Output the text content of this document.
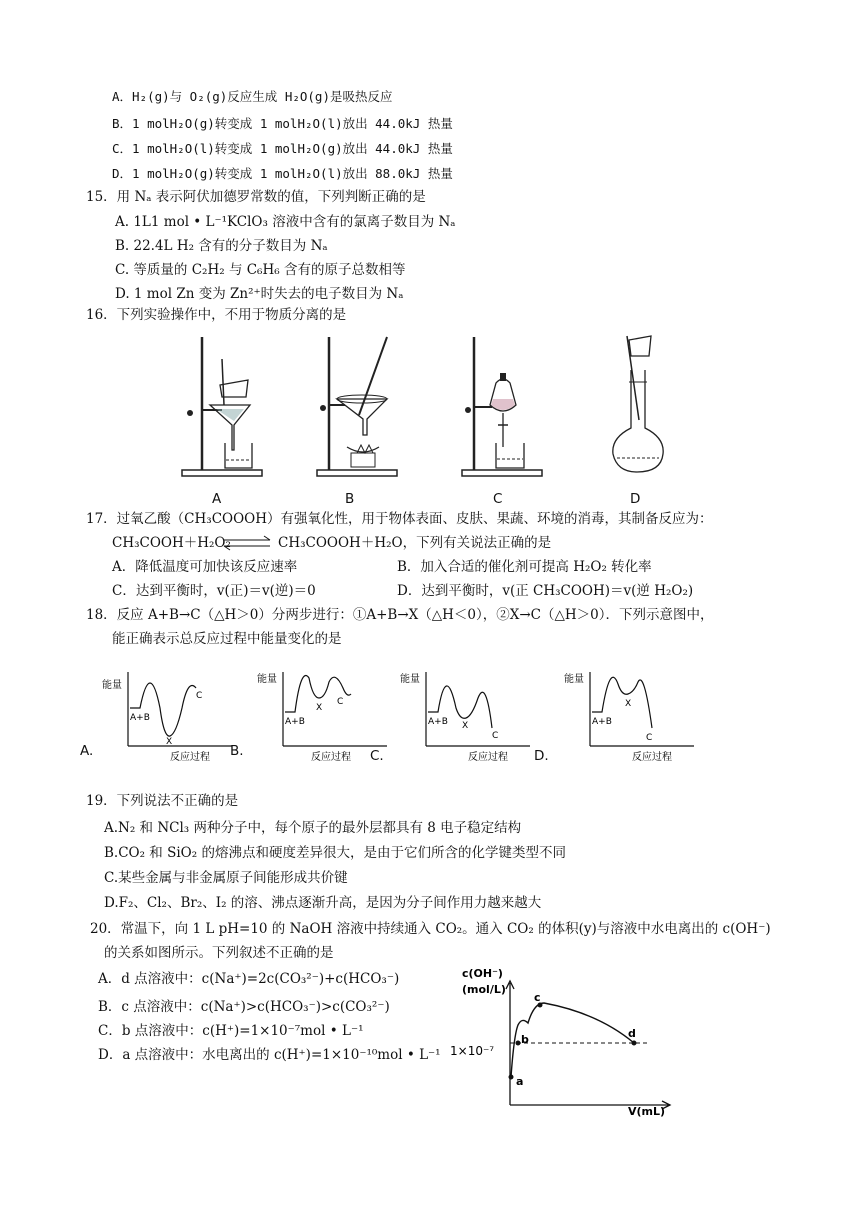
A．H₂(g)与 O₂(g)反应生成 H₂O(g)是吸热反应
B．1 molH₂O(g)转变成 1 molH₂O(l)放出 44.0kJ 热量
C．1 molH₂O(l)转变成 1 molH₂O(g)放出 44.0kJ 热量
D．1 molH₂O(g)转变成 1 molH₂O(l)放出 88.0kJ 热量
15．用 Nₐ 表示阿伏加德罗常数的值，下列判断正确的是
A. 1L1 mol • L⁻¹KClO₃ 溶液中含有的氯离子数目为 Nₐ
B. 22.4L H₂ 含有的分子数目为 Nₐ
C. 等质量的 C₂H₂ 与 C₆H₆ 含有的原子总数相等
D. 1 mol Zn 变为 Zn²⁺时失去的电子数目为 Nₐ
16．下列实验操作中，不用于物质分离的是
A	B	C	D
17．过氧乙酸（CH₃COOOH）有强氧化性，用于物体表面、皮肤、果蔬、环境的消毒，其制备反应为：
CH₃COOH＋H₂O₂ ⇌ CH₃COOOH＋H₂O，下列有关说法正确的是
A．降低温度可加快该反应速率	B．加入合适的催化剂可提高 H₂O₂ 转化率
C．达到平衡时，v(正)＝v(逆)＝0	D．达到平衡时，v(正 CH₃COOH)＝v(逆 H₂O₂)
18．反应 A+B→C（△H＞0）分两步进行：①A+B→X（△H＜0），②X→C（△H＞0）．下列示意图中，
能正确表示总反应过程中能量变化的是
能量
反应过程
A+B
X
C
A.
能量
反应过程
A+B
X
C
B.
能量
反应过程
A+B X
C
C.
能量
反应过程
A+B
X
C
D.
19．下列说法不正确的是
A.N₂ 和 NCl₃ 两种分子中，每个原子的最外层都具有 8 电子稳定结构
B.CO₂ 和 SiO₂ 的熔沸点和硬度差异很大，是由于它们所含的化学键类型不同
C.某些金属与非金属原子间能形成共价键
D.F₂、Cl₂、Br₂、I₂ 的溶、沸点逐渐升高，是因为分子间作用力越来越大
20．常温下，向 1 L pH=10 的 NaOH 溶液中持续通入 CO₂。通入 CO₂ 的体积(y)与溶液中水电离出的 c(OH⁻)
的关系如图所示。下列叙述不正确的是
A．d 点溶液中：c(Na⁺)=2c(CO₃²⁻)+c(HCO₃⁻)
B．c 点溶液中：c(Na⁺)>c(HCO₃⁻)>c(CO₃²⁻)
C．b 点溶液中：c(H⁺)=1×10⁻⁷mol • L⁻¹
D．a 点溶液中：水电离出的 c(H⁺)=1×10⁻¹⁰mol • L⁻¹
c(OH⁻)
(mol/L)
V(mL)
1×10⁻⁷
a
b
c
d
